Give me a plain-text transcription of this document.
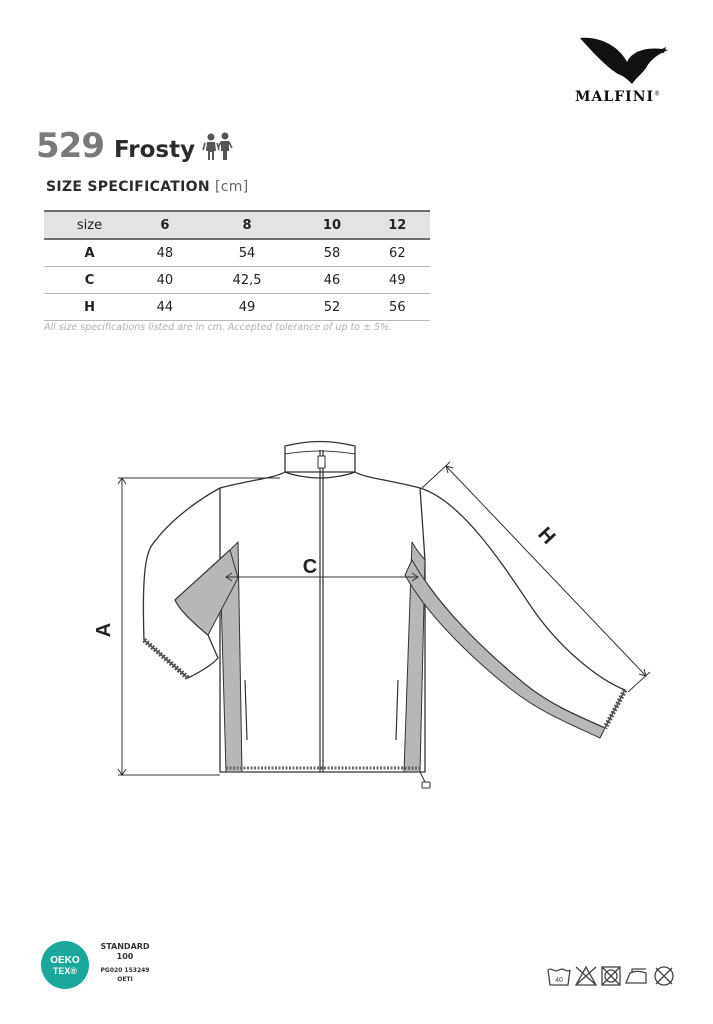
MALFINI®
529 Frosty
SIZE SPECIFICATION [cm]
size	6	8	10	12
A	48	54	58	62
C	40	42,5	46	49
H	44	49	52	56
All size specifications listed are in cm. Accepted tolerance of up to ± 5%.
A
C
H
OEKO
TEX®
STANDARD
100
PG020 153249
OETI	40
